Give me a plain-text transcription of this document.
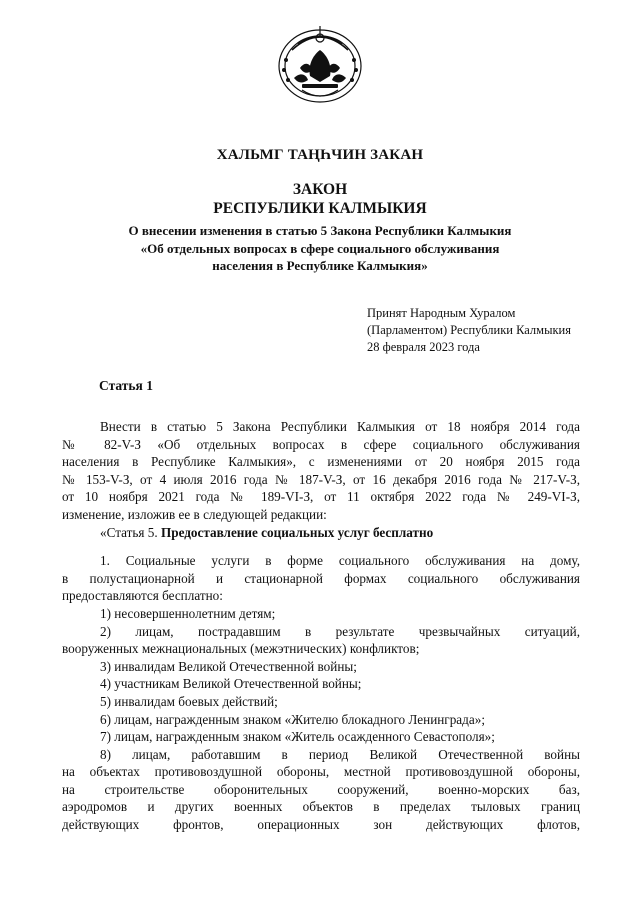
ХАЛЬМГ ТАҢҺЧИН ЗАКАН
ЗАКОН
РЕСПУБЛИКИ КАЛМЫКИЯ
О внесении изменения в статью 5 Закона Республики Калмыкия
«Об отдельных вопросах в сфере социального обслуживания
населения в Республике Калмыкия»
Принят Народным Хуралом
(Парламентом) Республики Калмыкия
28 февраля 2023 года
Статья 1
Внести в статью 5 Закона Республики Калмыкия от 18 ноября 2014 года
№ 82-V-З «Об отдельных вопросах в сфере социального обслуживания
населения в Республике Калмыкия», с изменениями от 20 ноября 2015 года
№ 153-V-З, от 4 июля 2016 года № 187-V-З, от 16 декабря 2016 года № 217-V-З,
от 10 ноября 2021 года № 189-VI-З, от 11 октября 2022 года № 249-VI-З,
изменение, изложив ее в следующей редакции:
«Статья 5. Предоставление социальных услуг бесплатно
1. Социальные услуги в форме социального обслуживания на дому,
в полустационарной и стационарной формах социального обслуживания
предоставляются бесплатно:
1) несовершеннолетним детям;
2) лицам, пострадавшим в результате чрезвычайных ситуаций,
вооруженных межнациональных (межэтнических) конфликтов;
3) инвалидам Великой Отечественной войны;
4) участникам Великой Отечественной войны;
5) инвалидам боевых действий;
6) лицам, награжденным знаком «Жителю блокадного Ленинграда»;
7) лицам, награжденным знаком «Житель осажденного Севастополя»;
8) лицам, работавшим в период Великой Отечественной войны
на объектах противовоздушной обороны, местной противовоздушной обороны,
на строительстве оборонительных сооружений, военно-морских баз,
аэродромов и других военных объектов в пределах тыловых границ
действующих фронтов, операционных зон действующих флотов,
